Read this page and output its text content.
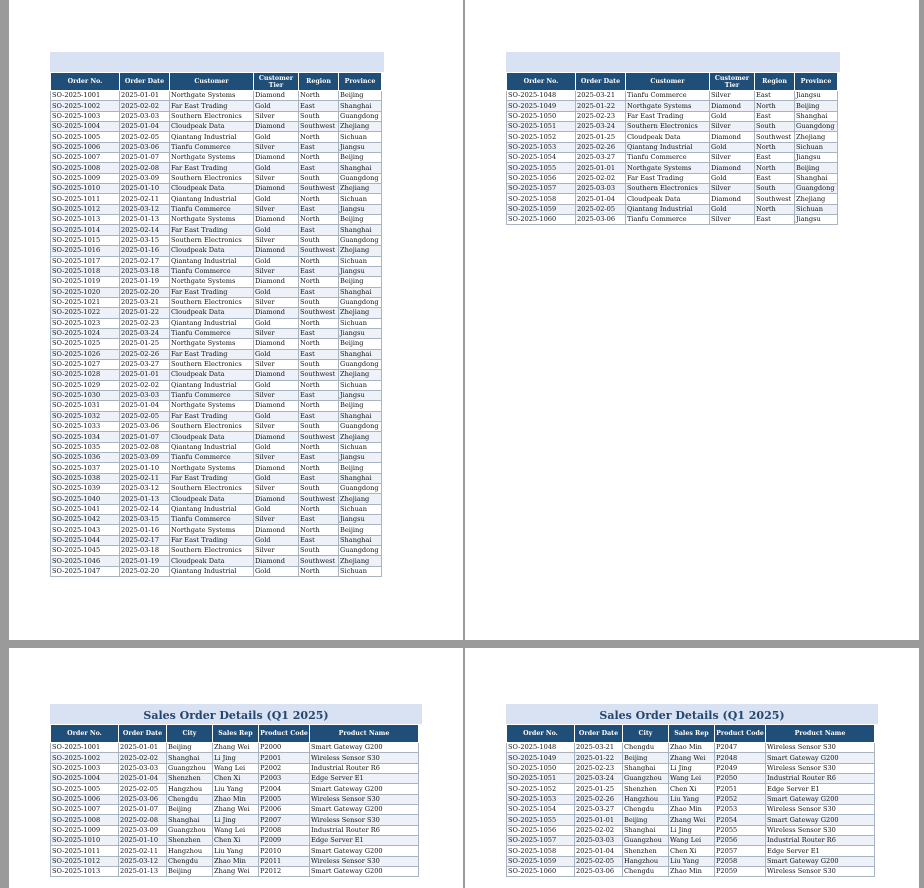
Order No.	Order Date	Customer	Customer Tier	Region	Province
SO-2025-1001	2025-01-01	Northgate Systems	Diamond	North	Beijing
SO-2025-1002	2025-02-02	Far East Trading	Gold	East	Shanghai
SO-2025-1003	2025-03-03	Southern Electronics	Silver	South	Guangdong
SO-2025-1004	2025-01-04	Cloudpeak Data	Diamond	Southwest	Zhejiang
SO-2025-1005	2025-02-05	Qiantang Industrial	Gold	North	Sichuan
SO-2025-1006	2025-03-06	Tianfu Commerce	Silver	East	Jiangsu
SO-2025-1007	2025-01-07	Northgate Systems	Diamond	North	Beijing
SO-2025-1008	2025-02-08	Far East Trading	Gold	East	Shanghai
SO-2025-1009	2025-03-09	Southern Electronics	Silver	South	Guangdong
SO-2025-1010	2025-01-10	Cloudpeak Data	Diamond	Southwest	Zhejiang
SO-2025-1011	2025-02-11	Qiantang Industrial	Gold	North	Sichuan
SO-2025-1012	2025-03-12	Tianfu Commerce	Silver	East	Jiangsu
SO-2025-1013	2025-01-13	Northgate Systems	Diamond	North	Beijing
SO-2025-1014	2025-02-14	Far East Trading	Gold	East	Shanghai
SO-2025-1015	2025-03-15	Southern Electronics	Silver	South	Guangdong
SO-2025-1016	2025-01-16	Cloudpeak Data	Diamond	Southwest	Zhejiang
SO-2025-1017	2025-02-17	Qiantang Industrial	Gold	North	Sichuan
SO-2025-1018	2025-03-18	Tianfu Commerce	Silver	East	Jiangsu
SO-2025-1019	2025-01-19	Northgate Systems	Diamond	North	Beijing
SO-2025-1020	2025-02-20	Far East Trading	Gold	East	Shanghai
SO-2025-1021	2025-03-21	Southern Electronics	Silver	South	Guangdong
SO-2025-1022	2025-01-22	Cloudpeak Data	Diamond	Southwest	Zhejiang
SO-2025-1023	2025-02-23	Qiantang Industrial	Gold	North	Sichuan
SO-2025-1024	2025-03-24	Tianfu Commerce	Silver	East	Jiangsu
SO-2025-1025	2025-01-25	Northgate Systems	Diamond	North	Beijing
SO-2025-1026	2025-02-26	Far East Trading	Gold	East	Shanghai
SO-2025-1027	2025-03-27	Southern Electronics	Silver	South	Guangdong
SO-2025-1028	2025-01-01	Cloudpeak Data	Diamond	Southwest	Zhejiang
SO-2025-1029	2025-02-02	Qiantang Industrial	Gold	North	Sichuan
SO-2025-1030	2025-03-03	Tianfu Commerce	Silver	East	Jiangsu
SO-2025-1031	2025-01-04	Northgate Systems	Diamond	North	Beijing
SO-2025-1032	2025-02-05	Far East Trading	Gold	East	Shanghai
SO-2025-1033	2025-03-06	Southern Electronics	Silver	South	Guangdong
SO-2025-1034	2025-01-07	Cloudpeak Data	Diamond	Southwest	Zhejiang
SO-2025-1035	2025-02-08	Qiantang Industrial	Gold	North	Sichuan
SO-2025-1036	2025-03-09	Tianfu Commerce	Silver	East	Jiangsu
SO-2025-1037	2025-01-10	Northgate Systems	Diamond	North	Beijing
SO-2025-1038	2025-02-11	Far East Trading	Gold	East	Shanghai
SO-2025-1039	2025-03-12	Southern Electronics	Silver	South	Guangdong
SO-2025-1040	2025-01-13	Cloudpeak Data	Diamond	Southwest	Zhejiang
SO-2025-1041	2025-02-14	Qiantang Industrial	Gold	North	Sichuan
SO-2025-1042	2025-03-15	Tianfu Commerce	Silver	East	Jiangsu
SO-2025-1043	2025-01-16	Northgate Systems	Diamond	North	Beijing
SO-2025-1044	2025-02-17	Far East Trading	Gold	East	Shanghai
SO-2025-1045	2025-03-18	Southern Electronics	Silver	South	Guangdong
SO-2025-1046	2025-01-19	Cloudpeak Data	Diamond	Southwest	Zhejiang
SO-2025-1047	2025-02-20	Qiantang Industrial	Gold	North	Sichuan
Order No.	Order Date	Customer	Customer Tier	Region	Province
SO-2025-1048	2025-03-21	Tianfu Commerce	Silver	East	Jiangsu
SO-2025-1049	2025-01-22	Northgate Systems	Diamond	North	Beijing
SO-2025-1050	2025-02-23	Far East Trading	Gold	East	Shanghai
SO-2025-1051	2025-03-24	Southern Electronics	Silver	South	Guangdong
SO-2025-1052	2025-01-25	Cloudpeak Data	Diamond	Southwest	Zhejiang
SO-2025-1053	2025-02-26	Qiantang Industrial	Gold	North	Sichuan
SO-2025-1054	2025-03-27	Tianfu Commerce	Silver	East	Jiangsu
SO-2025-1055	2025-01-01	Northgate Systems	Diamond	North	Beijing
SO-2025-1056	2025-02-02	Far East Trading	Gold	East	Shanghai
SO-2025-1057	2025-03-03	Southern Electronics	Silver	South	Guangdong
SO-2025-1058	2025-01-04	Cloudpeak Data	Diamond	Southwest	Zhejiang
SO-2025-1059	2025-02-05	Qiantang Industrial	Gold	North	Sichuan
SO-2025-1060	2025-03-06	Tianfu Commerce	Silver	East	Jiangsu
Sales Order Details (Q1 2025)
Order No.	Order Date	City	Sales Rep	Product Code	Product Name
SO-2025-1001	2025-01-01	Beijing	Zhang Wei	P2000	Smart Gateway G200
SO-2025-1002	2025-02-02	Shanghai	Li Jing	P2001	Wireless Sensor S30
SO-2025-1003	2025-03-03	Guangzhou	Wang Lei	P2002	Industrial Router R6
SO-2025-1004	2025-01-04	Shenzhen	Chen Xi	P2003	Edge Server E1
SO-2025-1005	2025-02-05	Hangzhou	Liu Yang	P2004	Smart Gateway G200
SO-2025-1006	2025-03-06	Chengdu	Zhao Min	P2005	Wireless Sensor S30
SO-2025-1007	2025-01-07	Beijing	Zhang Wei	P2006	Smart Gateway G200
SO-2025-1008	2025-02-08	Shanghai	Li Jing	P2007	Wireless Sensor S30
SO-2025-1009	2025-03-09	Guangzhou	Wang Lei	P2008	Industrial Router R6
SO-2025-1010	2025-01-10	Shenzhen	Chen Xi	P2009	Edge Server E1
SO-2025-1011	2025-02-11	Hangzhou	Liu Yang	P2010	Smart Gateway G200
SO-2025-1012	2025-03-12	Chengdu	Zhao Min	P2011	Wireless Sensor S30
SO-2025-1013	2025-01-13	Beijing	Zhang Wei	P2012	Smart Gateway G200
Sales Order Details (Q1 2025)
Order No.	Order Date	City	Sales Rep	Product Code	Product Name
SO-2025-1048	2025-03-21	Chengdu	Zhao Min	P2047	Wireless Sensor S30
SO-2025-1049	2025-01-22	Beijing	Zhang Wei	P2048	Smart Gateway G200
SO-2025-1050	2025-02-23	Shanghai	Li Jing	P2049	Wireless Sensor S30
SO-2025-1051	2025-03-24	Guangzhou	Wang Lei	P2050	Industrial Router R6
SO-2025-1052	2025-01-25	Shenzhen	Chen Xi	P2051	Edge Server E1
SO-2025-1053	2025-02-26	Hangzhou	Liu Yang	P2052	Smart Gateway G200
SO-2025-1054	2025-03-27	Chengdu	Zhao Min	P2053	Wireless Sensor S30
SO-2025-1055	2025-01-01	Beijing	Zhang Wei	P2054	Smart Gateway G200
SO-2025-1056	2025-02-02	Shanghai	Li Jing	P2055	Wireless Sensor S30
SO-2025-1057	2025-03-03	Guangzhou	Wang Lei	P2056	Industrial Router R6
SO-2025-1058	2025-01-04	Shenzhen	Chen Xi	P2057	Edge Server E1
SO-2025-1059	2025-02-05	Hangzhou	Liu Yang	P2058	Smart Gateway G200
SO-2025-1060	2025-03-06	Chengdu	Zhao Min	P2059	Wireless Sensor S30
